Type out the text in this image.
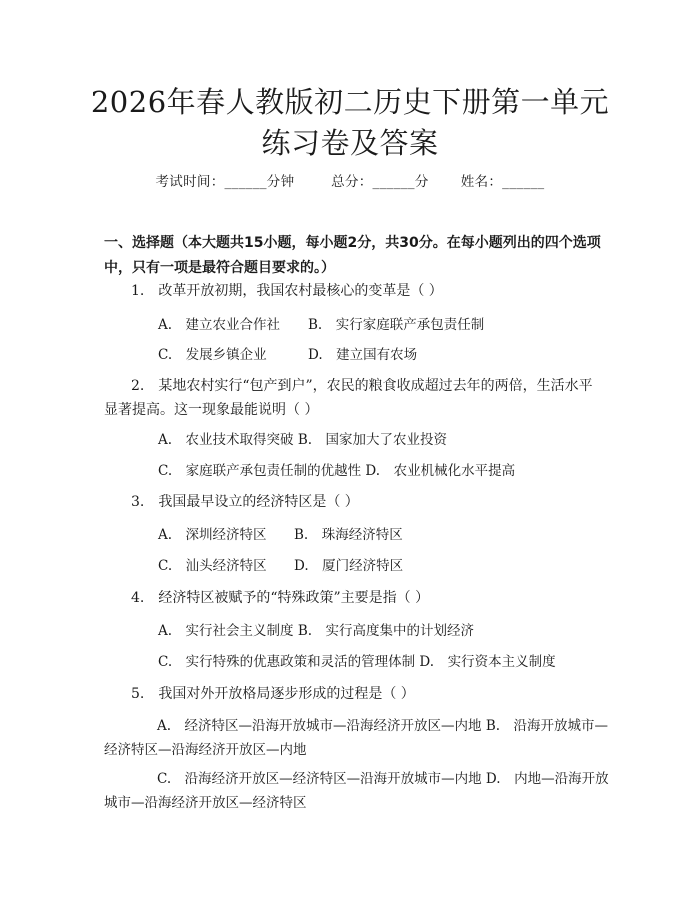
2026年春人教版初二历史下册第一单元练习卷及答案
考试时间：______分钟	总分：______分 姓名：______
一、选择题（本大题共15小题，每小题2分，共30分。在每小题列出的四个选项中，只有一项是最符合题目要求的。）
1.　改革开放初期，我国农村最核心的变革是（ ）
A.　建立农业合作社 B.　实行家庭联产承包责任制
C.　发展乡镇企业	D.　建立国有农场
2.　某地农村实行“包产到户”，农民的粮食收成超过去年的两倍，生活水平显著提高。这一现象最能说明（ ）
A.　农业技术取得突破 B.　国家加大了农业投资
C.　家庭联产承包责任制的优越性 D.　农业机械化水平提高
3.　我国最早设立的经济特区是（ ）
A.　深圳经济特区 B.　珠海经济特区
C.　汕头经济特区 D.　厦门经济特区
4.　经济特区被赋予的“特殊政策”主要是指（ ）
A.　实行社会主义制度 B.　实行高度集中的计划经济
C.　实行特殊的优惠政策和灵活的管理体制 D.　实行资本主义制度
5.　我国对外开放格局逐步形成的过程是（ ）
A.　经济特区—沿海开放城市—沿海经济开放区—内地 B.　沿海开放城市—经济特区—沿海经济开放区—内地
C.　沿海经济开放区—经济特区—沿海开放城市—内地 D.　内地—沿海开放城市—沿海经济开放区—经济特区
